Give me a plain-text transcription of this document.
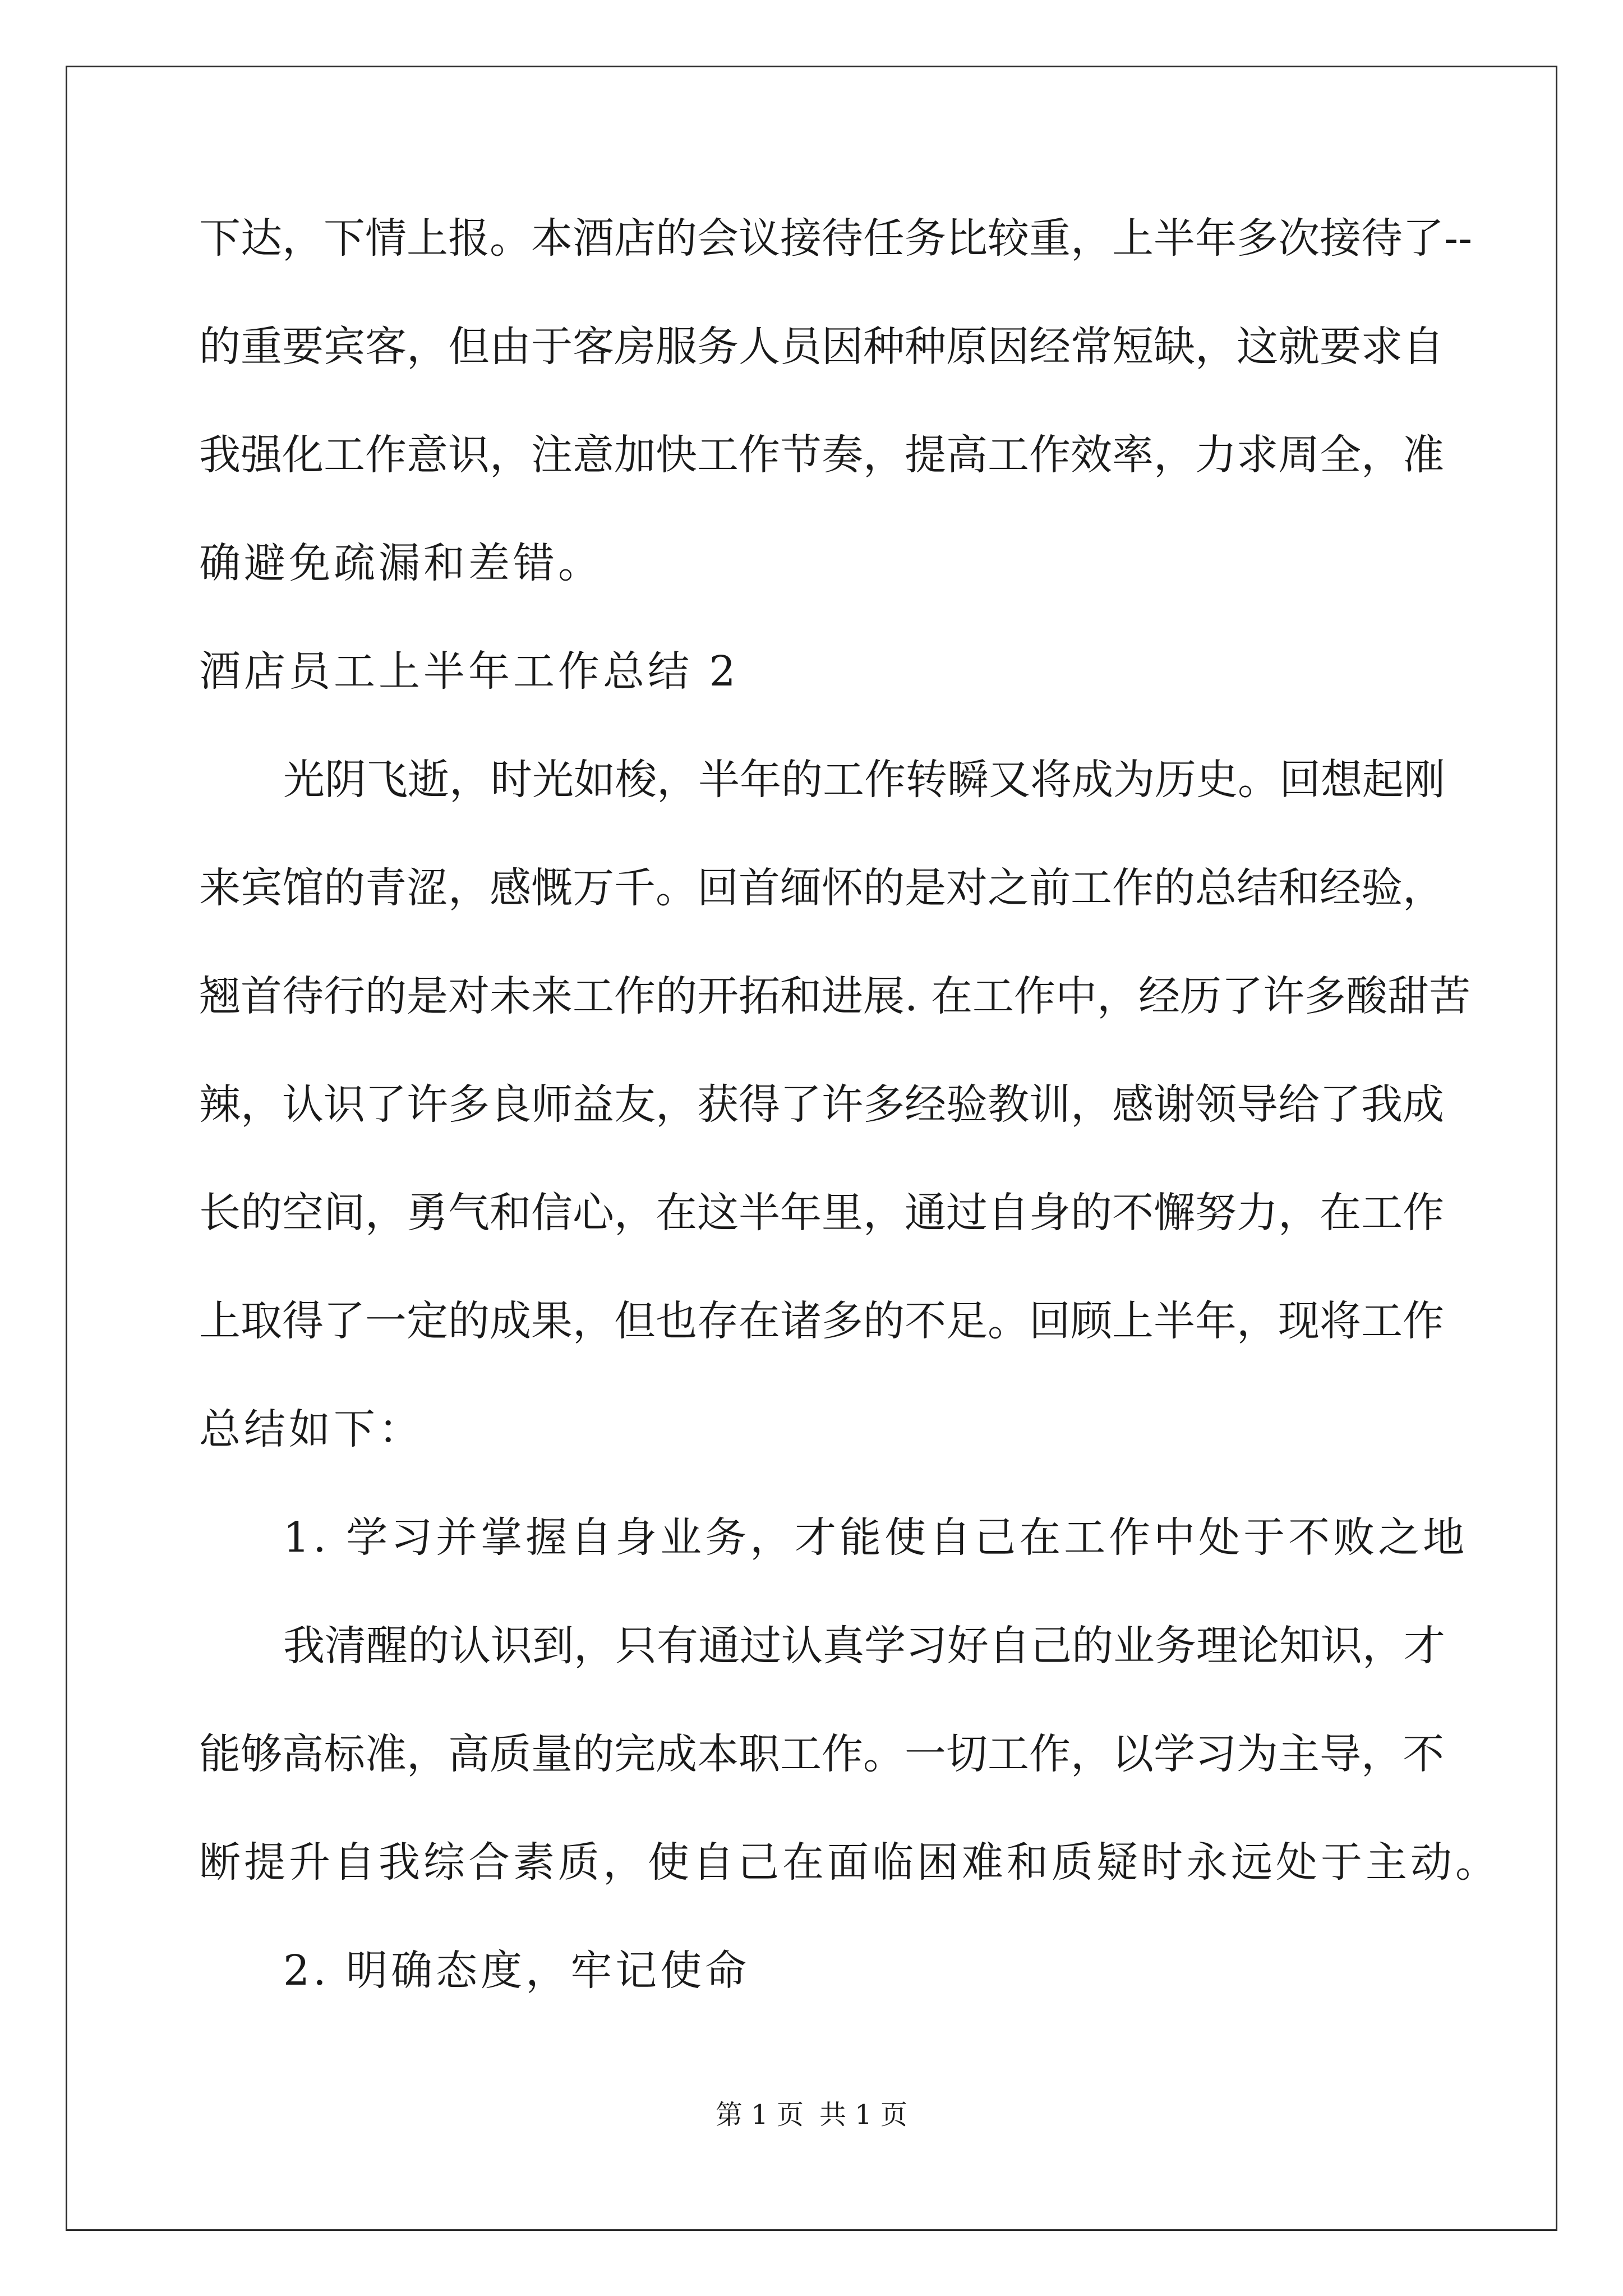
下达，下情上报。本酒店的会议接待任务比较重，上半年多次接待了--
的重要宾客，但由于客房服务人员因种种原因经常短缺，这就要求自
我强化工作意识，注意加快工作节奏，提高工作效率，力求周全，准
确避免疏漏和差错。
酒店员工上半年工作总结 2
光阴飞逝，时光如梭，半年的工作转瞬又将成为历史。回想起刚
来宾馆的青涩，感慨万千。回首缅怀的是对之前工作的总结和经验，
翘首待行的是对未来工作的开拓和进展. 在工作中，经历了许多酸甜苦
辣，认识了许多良师益友，获得了许多经验教训，感谢领导给了我成
长的空间，勇气和信心，在这半年里，通过自身的不懈努力，在工作
上取得了一定的成果，但也存在诸多的不足。回顾上半年，现将工作
总结如下：
1. 学习并掌握自身业务，才能使自己在工作中处于不败之地
我清醒的认识到，只有通过认真学习好自己的业务理论知识，才
能够高标准，高质量的完成本职工作。一切工作，以学习为主导，不
断提升自我综合素质，使自己在面临困难和质疑时永远处于主动。
2. 明确态度，牢记使命
第 1 页 共 1 页
